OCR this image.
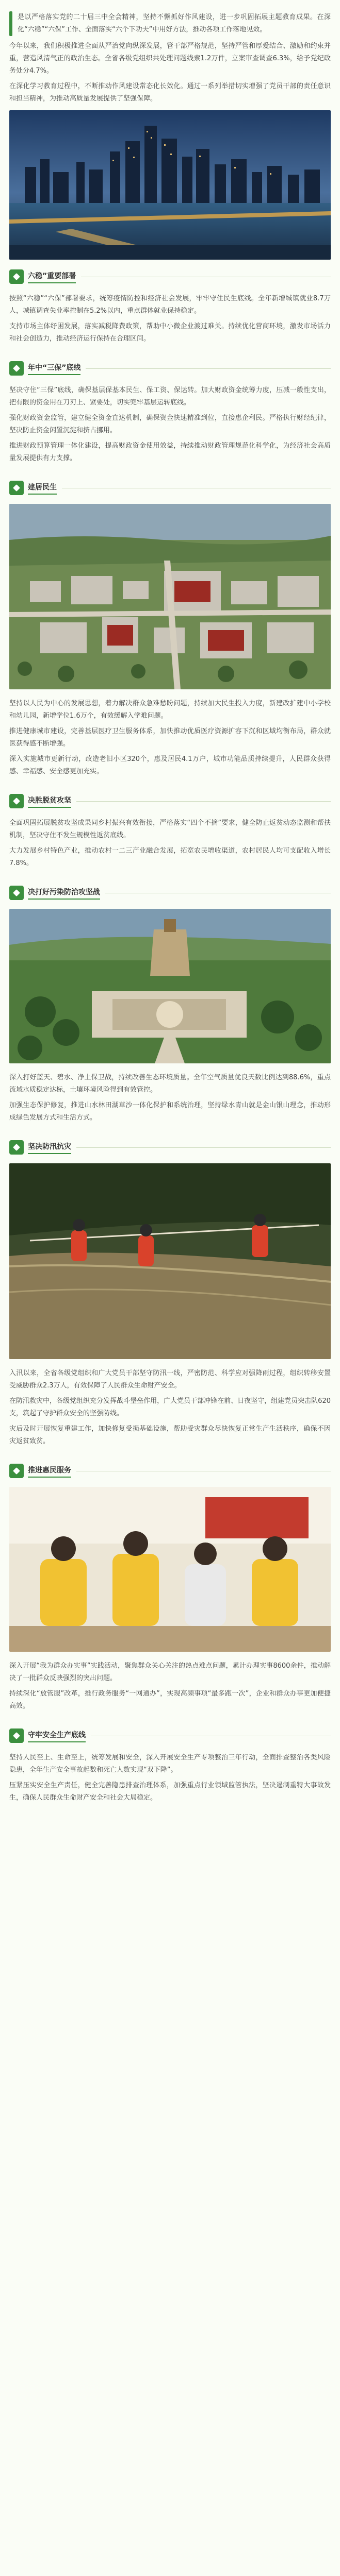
是以严格落实党的二十届三中全会精神，坚持不懈抓好作风建设，进一步巩固拓展主题教育成果。在深化“六稳”“六保”工作、全面落实“六个下功夫”中用好方法，推动各项工作落地见效。

今年以来，我们积极推进全面从严治党向纵深发展，管干部严格规范，坚持严管和厚爱结合、激励和约束并重，营造风清气正的政治生态。全省各级党组织共处理问题线索1.2万件，立案审查调查6.3%，给予党纪政务处分4.7%。

在深化学习教育过程中，不断推动作风建设常态化长效化。通过一系列举措切实增强了党员干部的责任意识和担当精神，为推动高质量发展提供了坚强保障。

六稳”重要部署

按照“六稳”“六保”部署要求，统筹疫情防控和经济社会发展，牢牢守住民生底线。全年新增城镇就业8.7万人，城镇调查失业率控制在5.2%以内，重点群体就业保持稳定。

支持市场主体纾困发展，落实减税降费政策，帮助中小微企业渡过难关。持续优化营商环境，激发市场活力和社会创造力，推动经济运行保持在合理区间。

年中“三保”底线

坚决守住“三保”底线，确保基层保基本民生、保工资、保运转。加大财政资金统筹力度，压减一般性支出，把有限的资金用在刀刃上、紧要处，切实兜牢基层运转底线。

强化财政资金监管，建立健全资金直达机制，确保资金快速精准到位，直接惠企利民。严格执行财经纪律，坚决防止资金闲置沉淀和挤占挪用。

推进财政预算管理一体化建设，提高财政资金使用效益，持续推动财政管理规范化科学化，为经济社会高质量发展提供有力支撑。

建居民生

坚持以人民为中心的发展思想，着力解决群众急难愁盼问题，持续加大民生投入力度，新建改扩建中小学校和幼儿园，新增学位1.6万个，有效缓解入学难问题。

推进健康城市建设，完善基层医疗卫生服务体系，加快推动优质医疗资源扩容下沉和区域均衡布局，群众就医获得感不断增强。

深入实施城市更新行动，改造老旧小区320个，惠及居民4.1万户，城市功能品质持续提升，人民群众获得感、幸福感、安全感更加充实。

决胜脱贫攻坚

全面巩固拓展脱贫攻坚成果同乡村振兴有效衔接，严格落实“四个不摘”要求，健全防止返贫动态监测和帮扶机制，坚决守住不发生规模性返贫底线。

大力发展乡村特色产业，推动农村一二三产业融合发展，拓宽农民增收渠道，农村居民人均可支配收入增长7.8%。

决打好污染防治攻坚战

深入打好蓝天、碧水、净土保卫战，持续改善生态环境质量。全年空气质量优良天数比例达到88.6%，重点流域水质稳定达标，土壤环境风险得到有效管控。

加强生态保护修复，推进山水林田湖草沙一体化保护和系统治理，坚持绿水青山就是金山银山理念，推动形成绿色发展方式和生活方式。

坚决防汛抗灾

入汛以来，全省各级党组织和广大党员干部坚守防汛一线，严密防范、科学应对强降雨过程，组织转移安置受威胁群众2.3万人，有效保障了人民群众生命财产安全。

在防汛救灾中，各级党组织充分发挥战斗堡垒作用，广大党员干部冲锋在前、日夜坚守，组建党员突击队620支，筑起了守护群众安全的坚强防线。

灾后及时开展恢复重建工作，加快修复受损基础设施，帮助受灾群众尽快恢复正常生产生活秩序，确保不因灾返贫致贫。

推进惠民服务

深入开展“我为群众办实事”实践活动，聚焦群众关心关注的热点难点问题，累计办理实事8600余件，推动解决了一批群众反映强烈的突出问题。

持续深化“放管服”改革，推行政务服务“一网通办”，实现高频事项“最多跑一次”，企业和群众办事更加便捷高效。

守牢安全生产底线

坚持人民至上、生命至上，统筹发展和安全，深入开展安全生产专项整治三年行动，全面排查整治各类风险隐患，全年生产安全事故起数和死亡人数实现“双下降”。

压紧压实安全生产责任，健全完善隐患排查治理体系，加强重点行业领域监管执法，坚决遏制重特大事故发生，确保人民群众生命财产安全和社会大局稳定。
